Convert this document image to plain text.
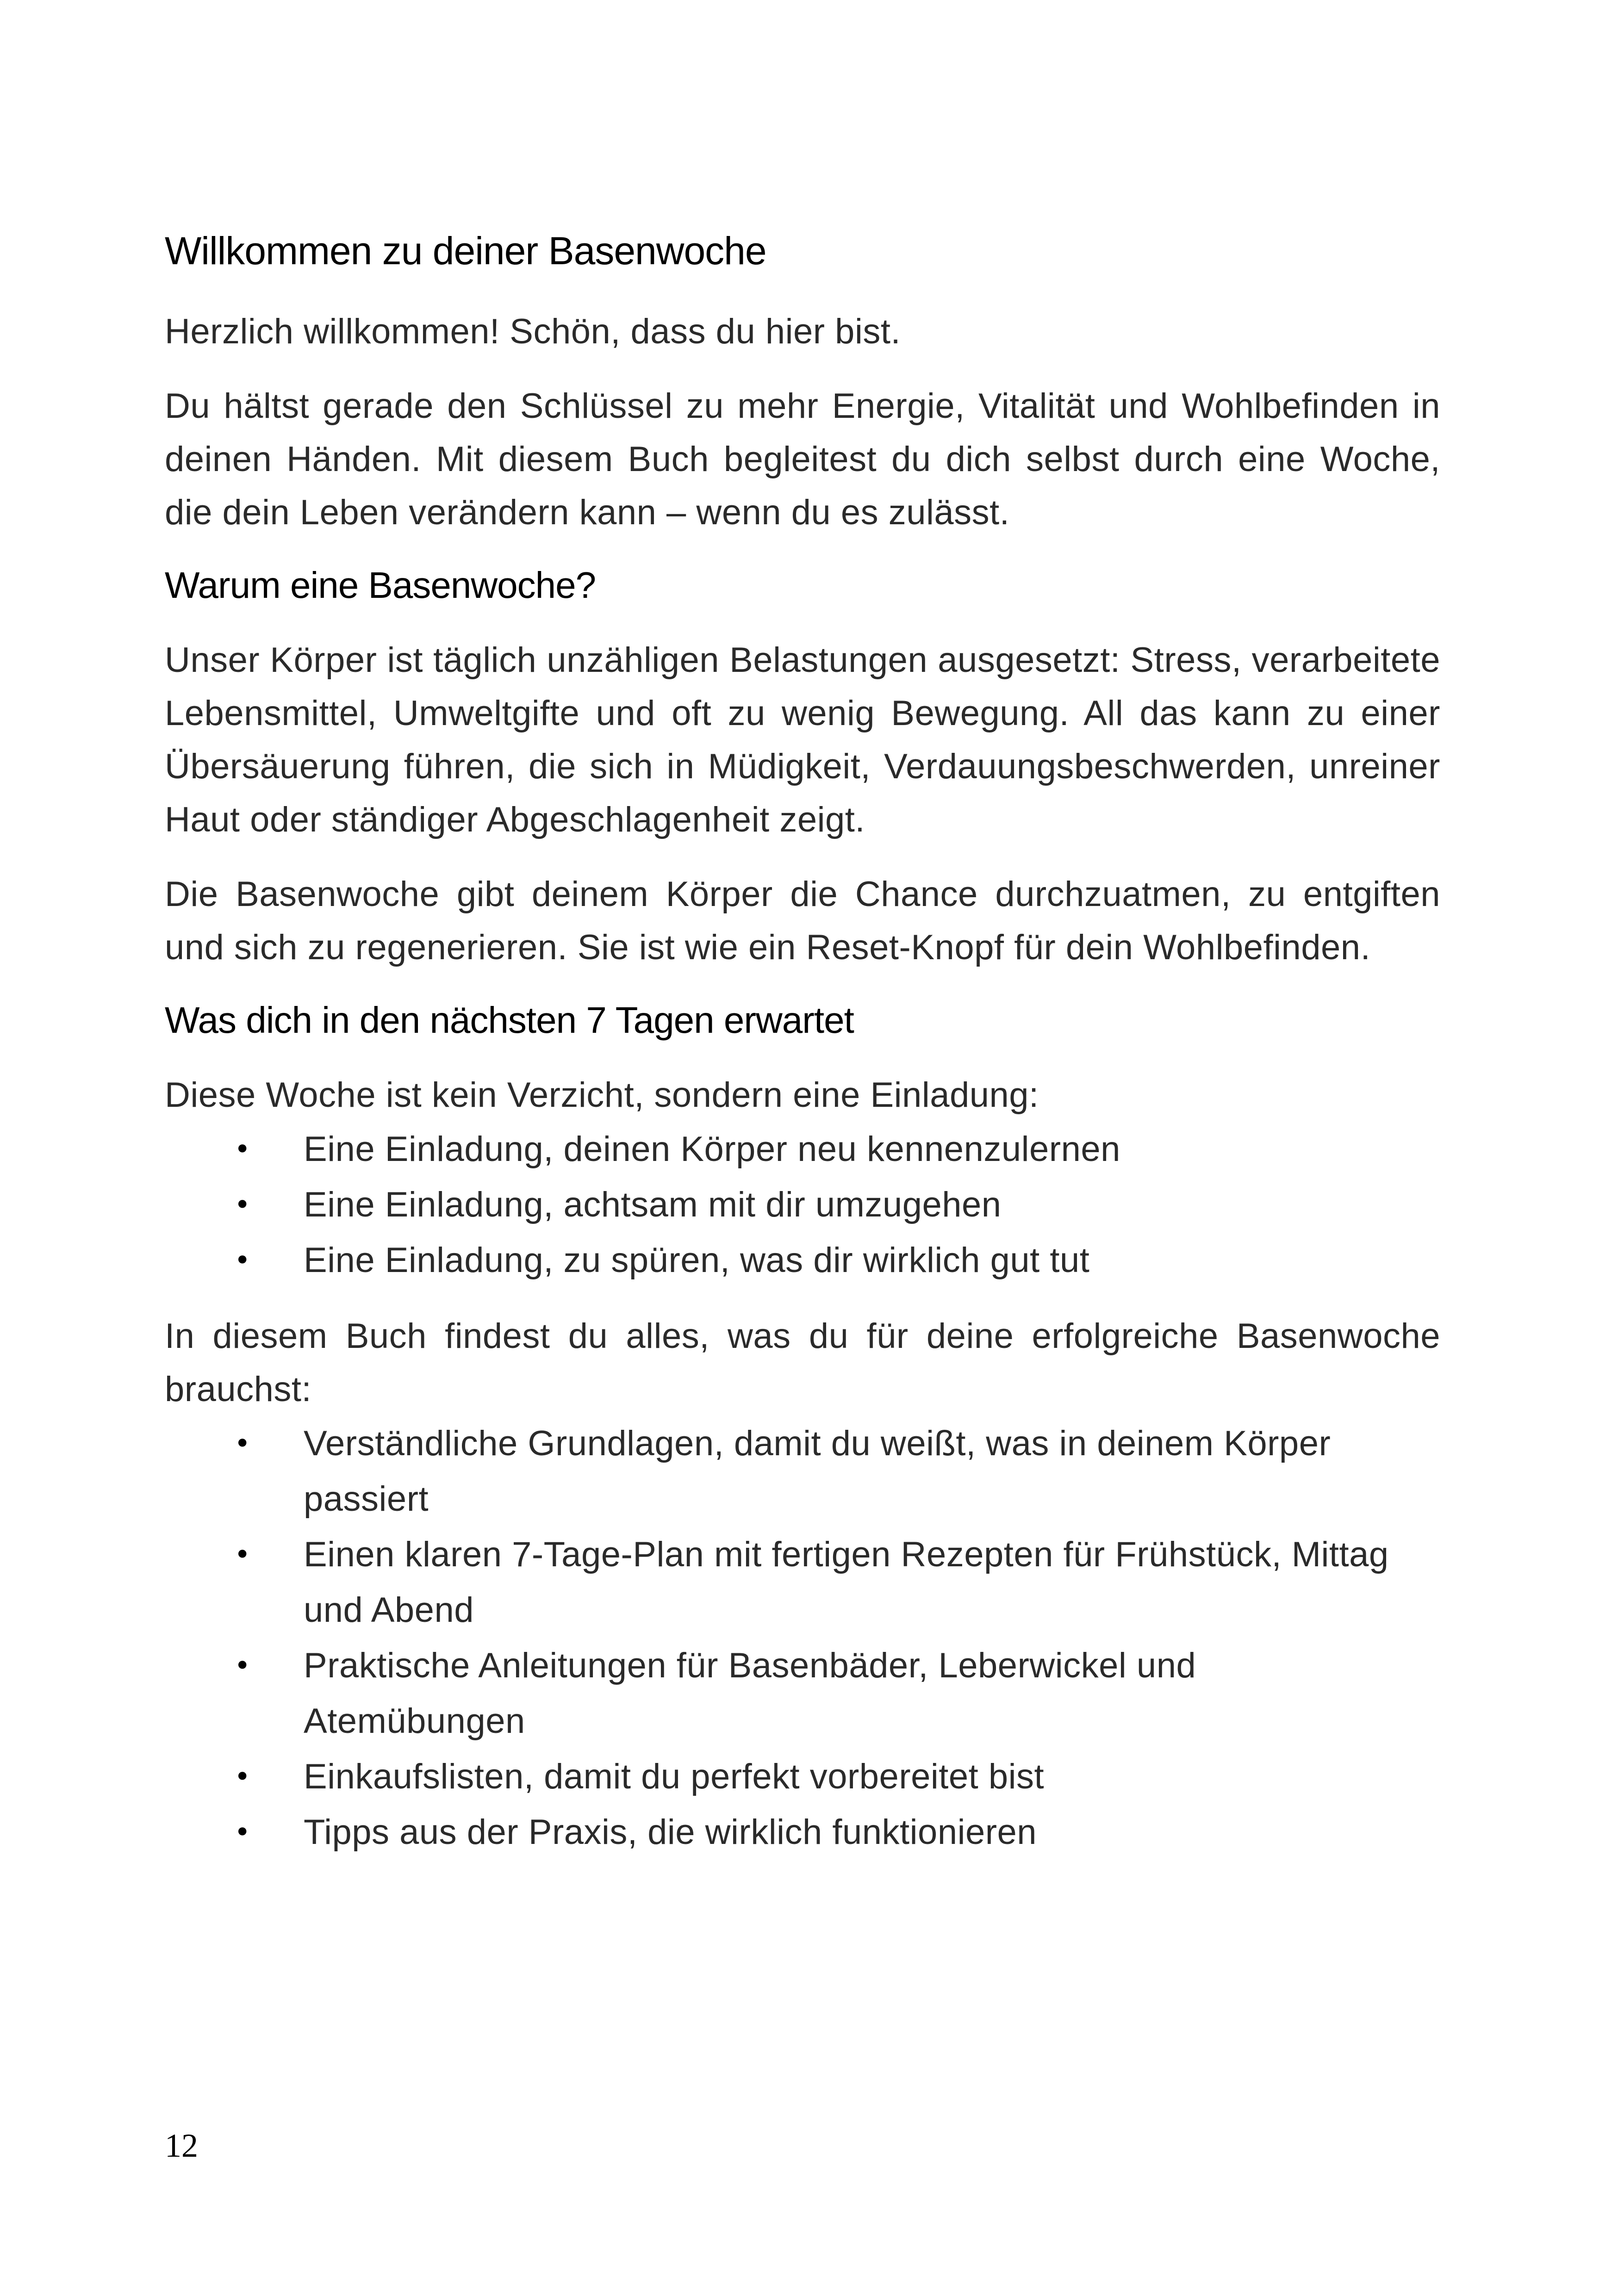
Willkommen zu deiner Basenwoche

Herzlich willkommen! Schön, dass du hier bist.

Du hältst gerade den Schlüssel zu mehr Energie, Vitalität und Wohlbefinden in deinen Händen. Mit diesem Buch begleitest du dich selbst durch eine Woche, die dein Leben verändern kann – wenn du es zulässt.

Warum eine Basenwoche?

Unser Körper ist täglich unzähligen Belastungen ausgesetzt: Stress, verarbeitete Lebensmittel, Umweltgifte und oft zu wenig Bewegung. All das kann zu einer Übersäuerung führen, die sich in Müdigkeit, Verdauungsbeschwerden, unreiner Haut oder ständiger Abgeschlagenheit zeigt.

Die Basenwoche gibt deinem Körper die Chance durchzuatmen, zu entgiften und sich zu regenerieren. Sie ist wie ein Reset-Knopf für dein Wohlbefinden.

Was dich in den nächsten 7 Tagen erwartet

Diese Woche ist kein Verzicht, sondern eine Einladung:

• Eine Einladung, deinen Körper neu kennenzulernen
• Eine Einladung, achtsam mit dir umzugehen
• Eine Einladung, zu spüren, was dir wirklich gut tut

In diesem Buch findest du alles, was du für deine erfolgreiche Basenwoche brauchst:

• Verständliche Grundlagen, damit du weißt, was in deinem Körper passiert
• Einen klaren 7-Tage-Plan mit fertigen Rezepten für Frühstück, Mittag und Abend
• Praktische Anleitungen für Basenbäder, Leberwickel und Atemübungen
• Einkaufslisten, damit du perfekt vorbereitet bist
• Tipps aus der Praxis, die wirklich funktionieren
12
